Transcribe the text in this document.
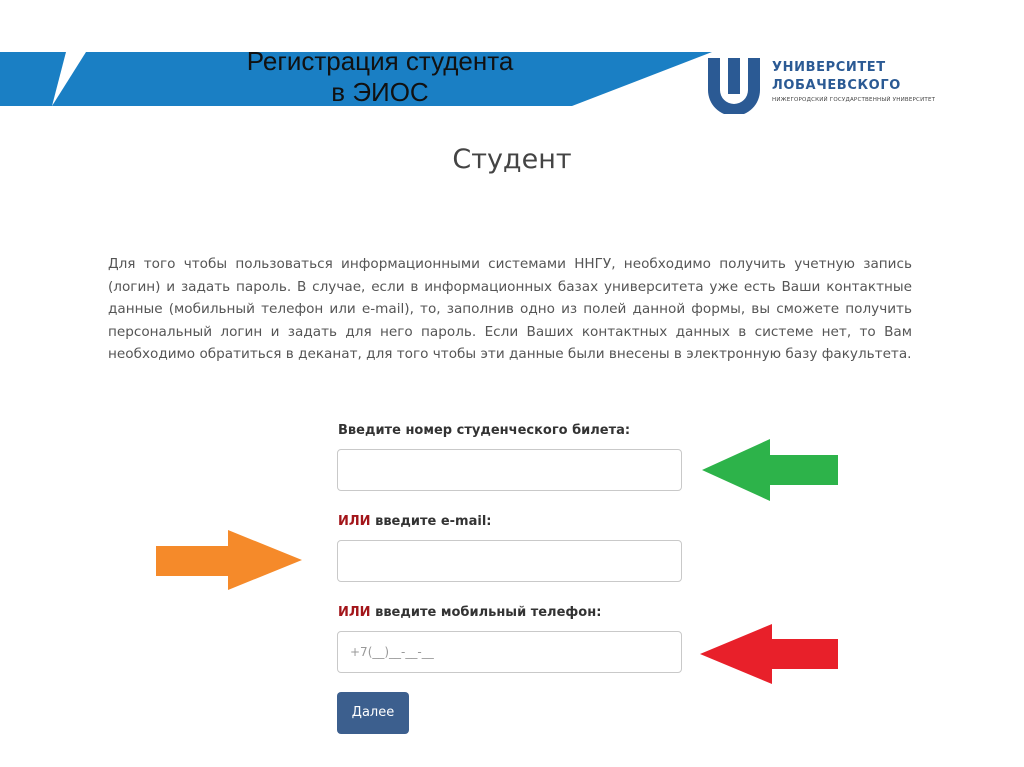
Регистрация студента
в ЭИОС
УНИВЕРСИТЕТ
ЛОБАЧЕВСКОГО
НИЖЕГОРОДСКИЙ ГОСУДАРСТВЕННЫЙ УНИВЕРСИТЕТ
Студент

Для того чтобы пользоваться информационными системами ННГУ, необходимо получить учетную запись (логин) и задать пароль. В случае, если в информационных базах университета уже есть Ваши контактные данные (мобильный телефон или e-mail), то, заполнив одно из полей данной формы, вы сможете получить персональный логин и задать для него пароль. Если Ваших контактных данных в системе нет, то Вам необходимо обратиться в деканат, для того чтобы эти данные были внесены в электронную базу факультета.

Введите номер студенческого билета:
ИЛИ введите e-mail:
ИЛИ введите мобильный телефон:
+7(__)__-__-__
Далее
